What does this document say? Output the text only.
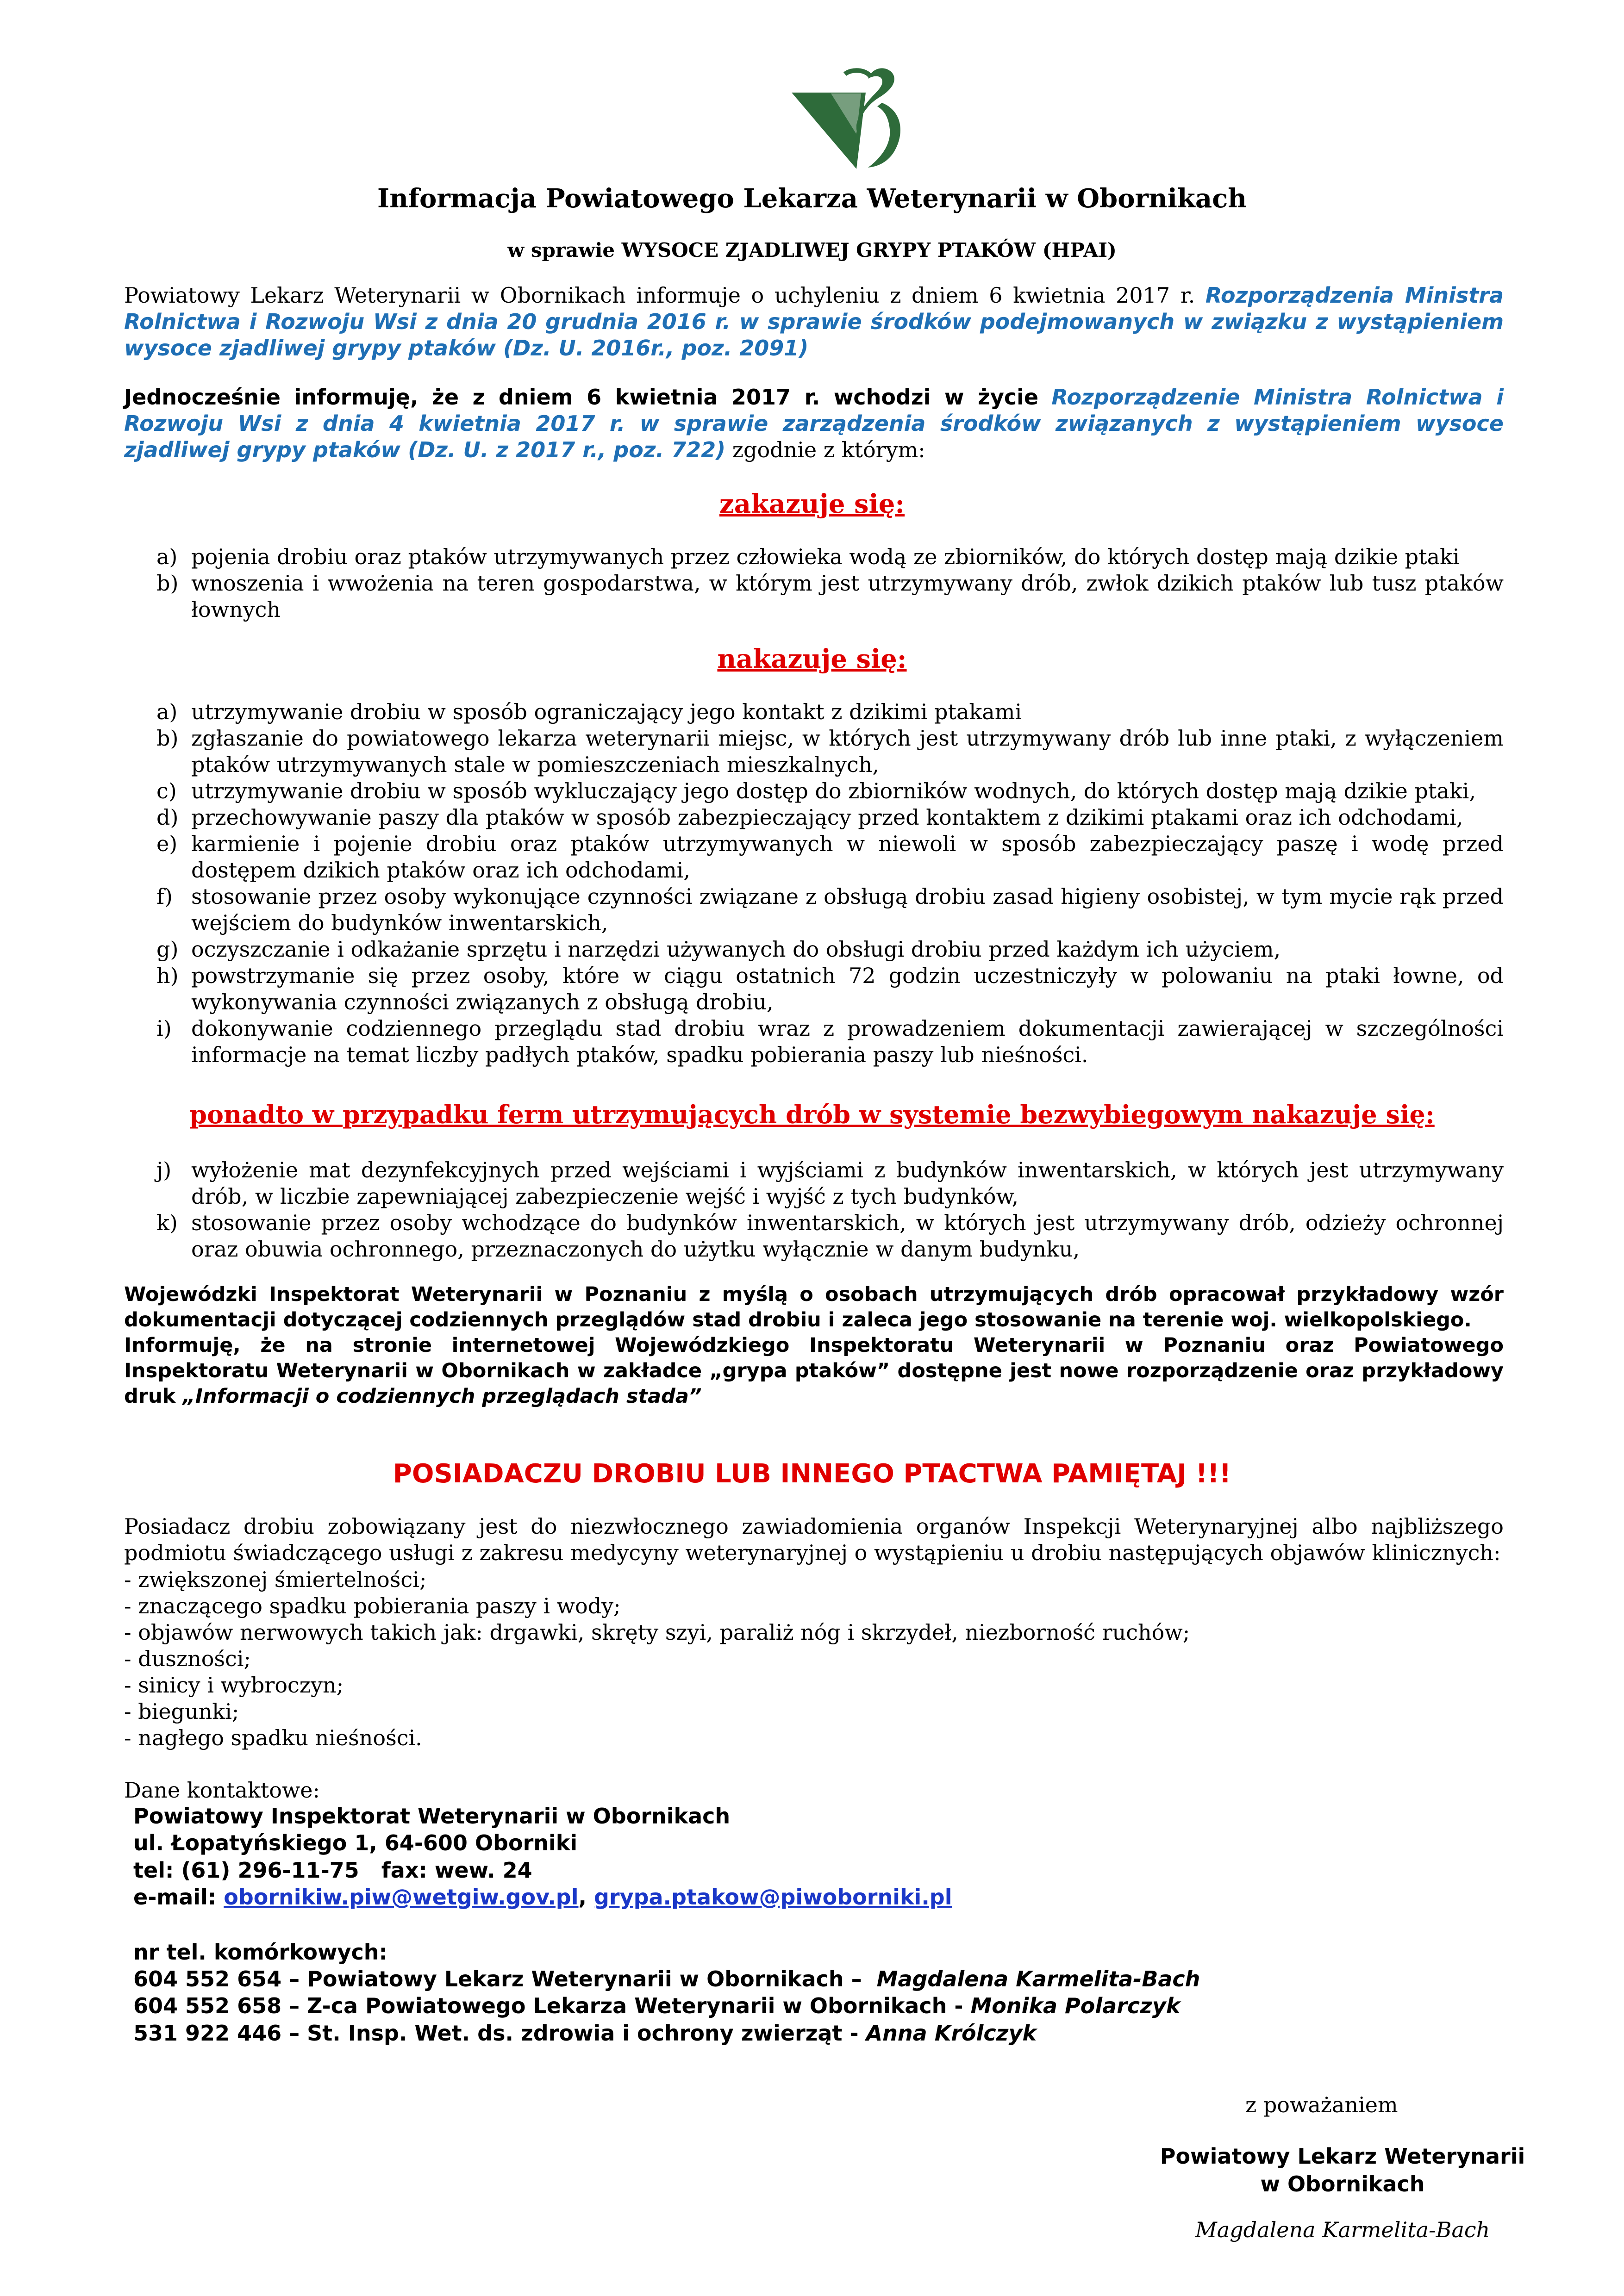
Informacja Powiatowego Lekarza Weterynarii w Obornikach
w sprawie WYSOCE ZJADLIWEJ GRYPY PTAKÓW (HPAI)
Powiatowy Lekarz Weterynarii w Obornikach informuje o uchyleniu z dniem 6 kwietnia 2017 r. Rozporządzenia Ministra Rolnictwa i Rozwoju Wsi z dnia 20 grudnia 2016 r. w sprawie środków podejmowanych w związku z wystąpieniem wysoce zjadliwej grypy ptaków (Dz. U. 2016r., poz. 2091)
Jednocześnie informuję, że z dniem 6 kwietnia 2017 r. wchodzi w życie Rozporządzenie Ministra Rolnictwa i Rozwoju Wsi z dnia 4 kwietnia 2017 r. w sprawie zarządzenia środków związanych z wystąpieniem wysoce zjadliwej grypy ptaków (Dz. U. z 2017 r., poz. 722) zgodnie z którym:
zakazuje się:
a) pojenia drobiu oraz ptaków utrzymywanych przez człowieka wodą ze zbiorników, do których dostęp mają dzikie ptaki
b) wnoszenia i wwożenia na teren gospodarstwa, w którym jest utrzymywany drób, zwłok dzikich ptaków lub tusz ptaków łownych
nakazuje się:
a) utrzymywanie drobiu w sposób ograniczający jego kontakt z dzikimi ptakami
b) zgłaszanie do powiatowego lekarza weterynarii miejsc, w których jest utrzymywany drób lub inne ptaki, z wyłączeniem ptaków utrzymywanych stale w pomieszczeniach mieszkalnych,
c) utrzymywanie drobiu w sposób wykluczający jego dostęp do zbiorników wodnych, do których dostęp mają dzikie ptaki,
d) przechowywanie paszy dla ptaków w sposób zabezpieczający przed kontaktem z dzikimi ptakami oraz ich odchodami,
e) karmienie i pojenie drobiu oraz ptaków utrzymywanych w niewoli w sposób zabezpieczający paszę i wodę przed dostępem dzikich ptaków oraz ich odchodami,
f) stosowanie przez osoby wykonujące czynności związane z obsługą drobiu zasad higieny osobistej, w tym mycie rąk przed wejściem do budynków inwentarskich,
g) oczyszczanie i odkażanie sprzętu i narzędzi używanych do obsługi drobiu przed każdym ich użyciem,
h) powstrzymanie się przez osoby, które w ciągu ostatnich 72 godzin uczestniczyły w polowaniu na ptaki łowne, od wykonywania czynności związanych z obsługą drobiu,
i) dokonywanie codziennego przeglądu stad drobiu wraz z prowadzeniem dokumentacji zawierającej w szczególności informacje na temat liczby padłych ptaków, spadku pobierania paszy lub nieśności.
ponadto w przypadku ferm utrzymujących drób w systemie bezwybiegowym nakazuje się:
j) wyłożenie mat dezynfekcyjnych przed wejściami i wyjściami z budynków inwentarskich, w których jest utrzymywany drób, w liczbie zapewniającej zabezpieczenie wejść i wyjść z tych budynków,
k) stosowanie przez osoby wchodzące do budynków inwentarskich, w których jest utrzymywany drób, odzieży ochronnej oraz obuwia ochronnego, przeznaczonych do użytku wyłącznie w danym budynku,
Wojewódzki Inspektorat Weterynarii w Poznaniu z myślą o osobach utrzymujących drób opracował przykładowy wzór dokumentacji dotyczącej codziennych przeglądów stad drobiu i zaleca jego stosowanie na terenie woj. wielkopolskiego.
Informuję, że na stronie internetowej Wojewódzkiego Inspektoratu Weterynarii w Poznaniu oraz Powiatowego Inspektoratu Weterynarii w Obornikach w zakładce „grypa ptaków” dostępne jest nowe rozporządzenie oraz przykładowy druk „Informacji o codziennych przeglądach stada”
POSIADACZU DROBIU LUB INNEGO PTACTWA PAMIĘTAJ !!!
Posiadacz drobiu zobowiązany jest do niezwłocznego zawiadomienia organów Inspekcji Weterynaryjnej albo najbliższego podmiotu świadczącego usługi z zakresu medycyny weterynaryjnej o wystąpieniu u drobiu następujących objawów klinicznych:
- zwiększonej śmiertelności;
- znaczącego spadku pobierania paszy i wody;
- objawów nerwowych takich jak: drgawki, skręty szyi, paraliż nóg i skrzydeł, niezborność ruchów;
- duszności;
- sinicy i wybroczyn;
- biegunki;
- nagłego spadku nieśności.
Dane kontaktowe:
Powiatowy Inspektorat Weterynarii w Obornikach
ul. Łopatyńskiego 1, 64-600 Oborniki
tel: (61) 296-11-75   fax: wew. 24
e-mail: obornikiw.piw@wetgiw.gov.pl, grypa.ptakow@piwoborniki.pl
nr tel. komórkowych:
604 552 654 – Powiatowy Lekarz Weterynarii w Obornikach –  Magdalena Karmelita-Bach
604 552 658 – Z-ca Powiatowego Lekarza Weterynarii w Obornikach - Monika Polarczyk
531 922 446 – St. Insp. Wet. ds. zdrowia i ochrony zwierząt - Anna Królczyk
z poważaniem
Powiatowy Lekarz Weterynarii
w Obornikach
Magdalena Karmelita-Bach
